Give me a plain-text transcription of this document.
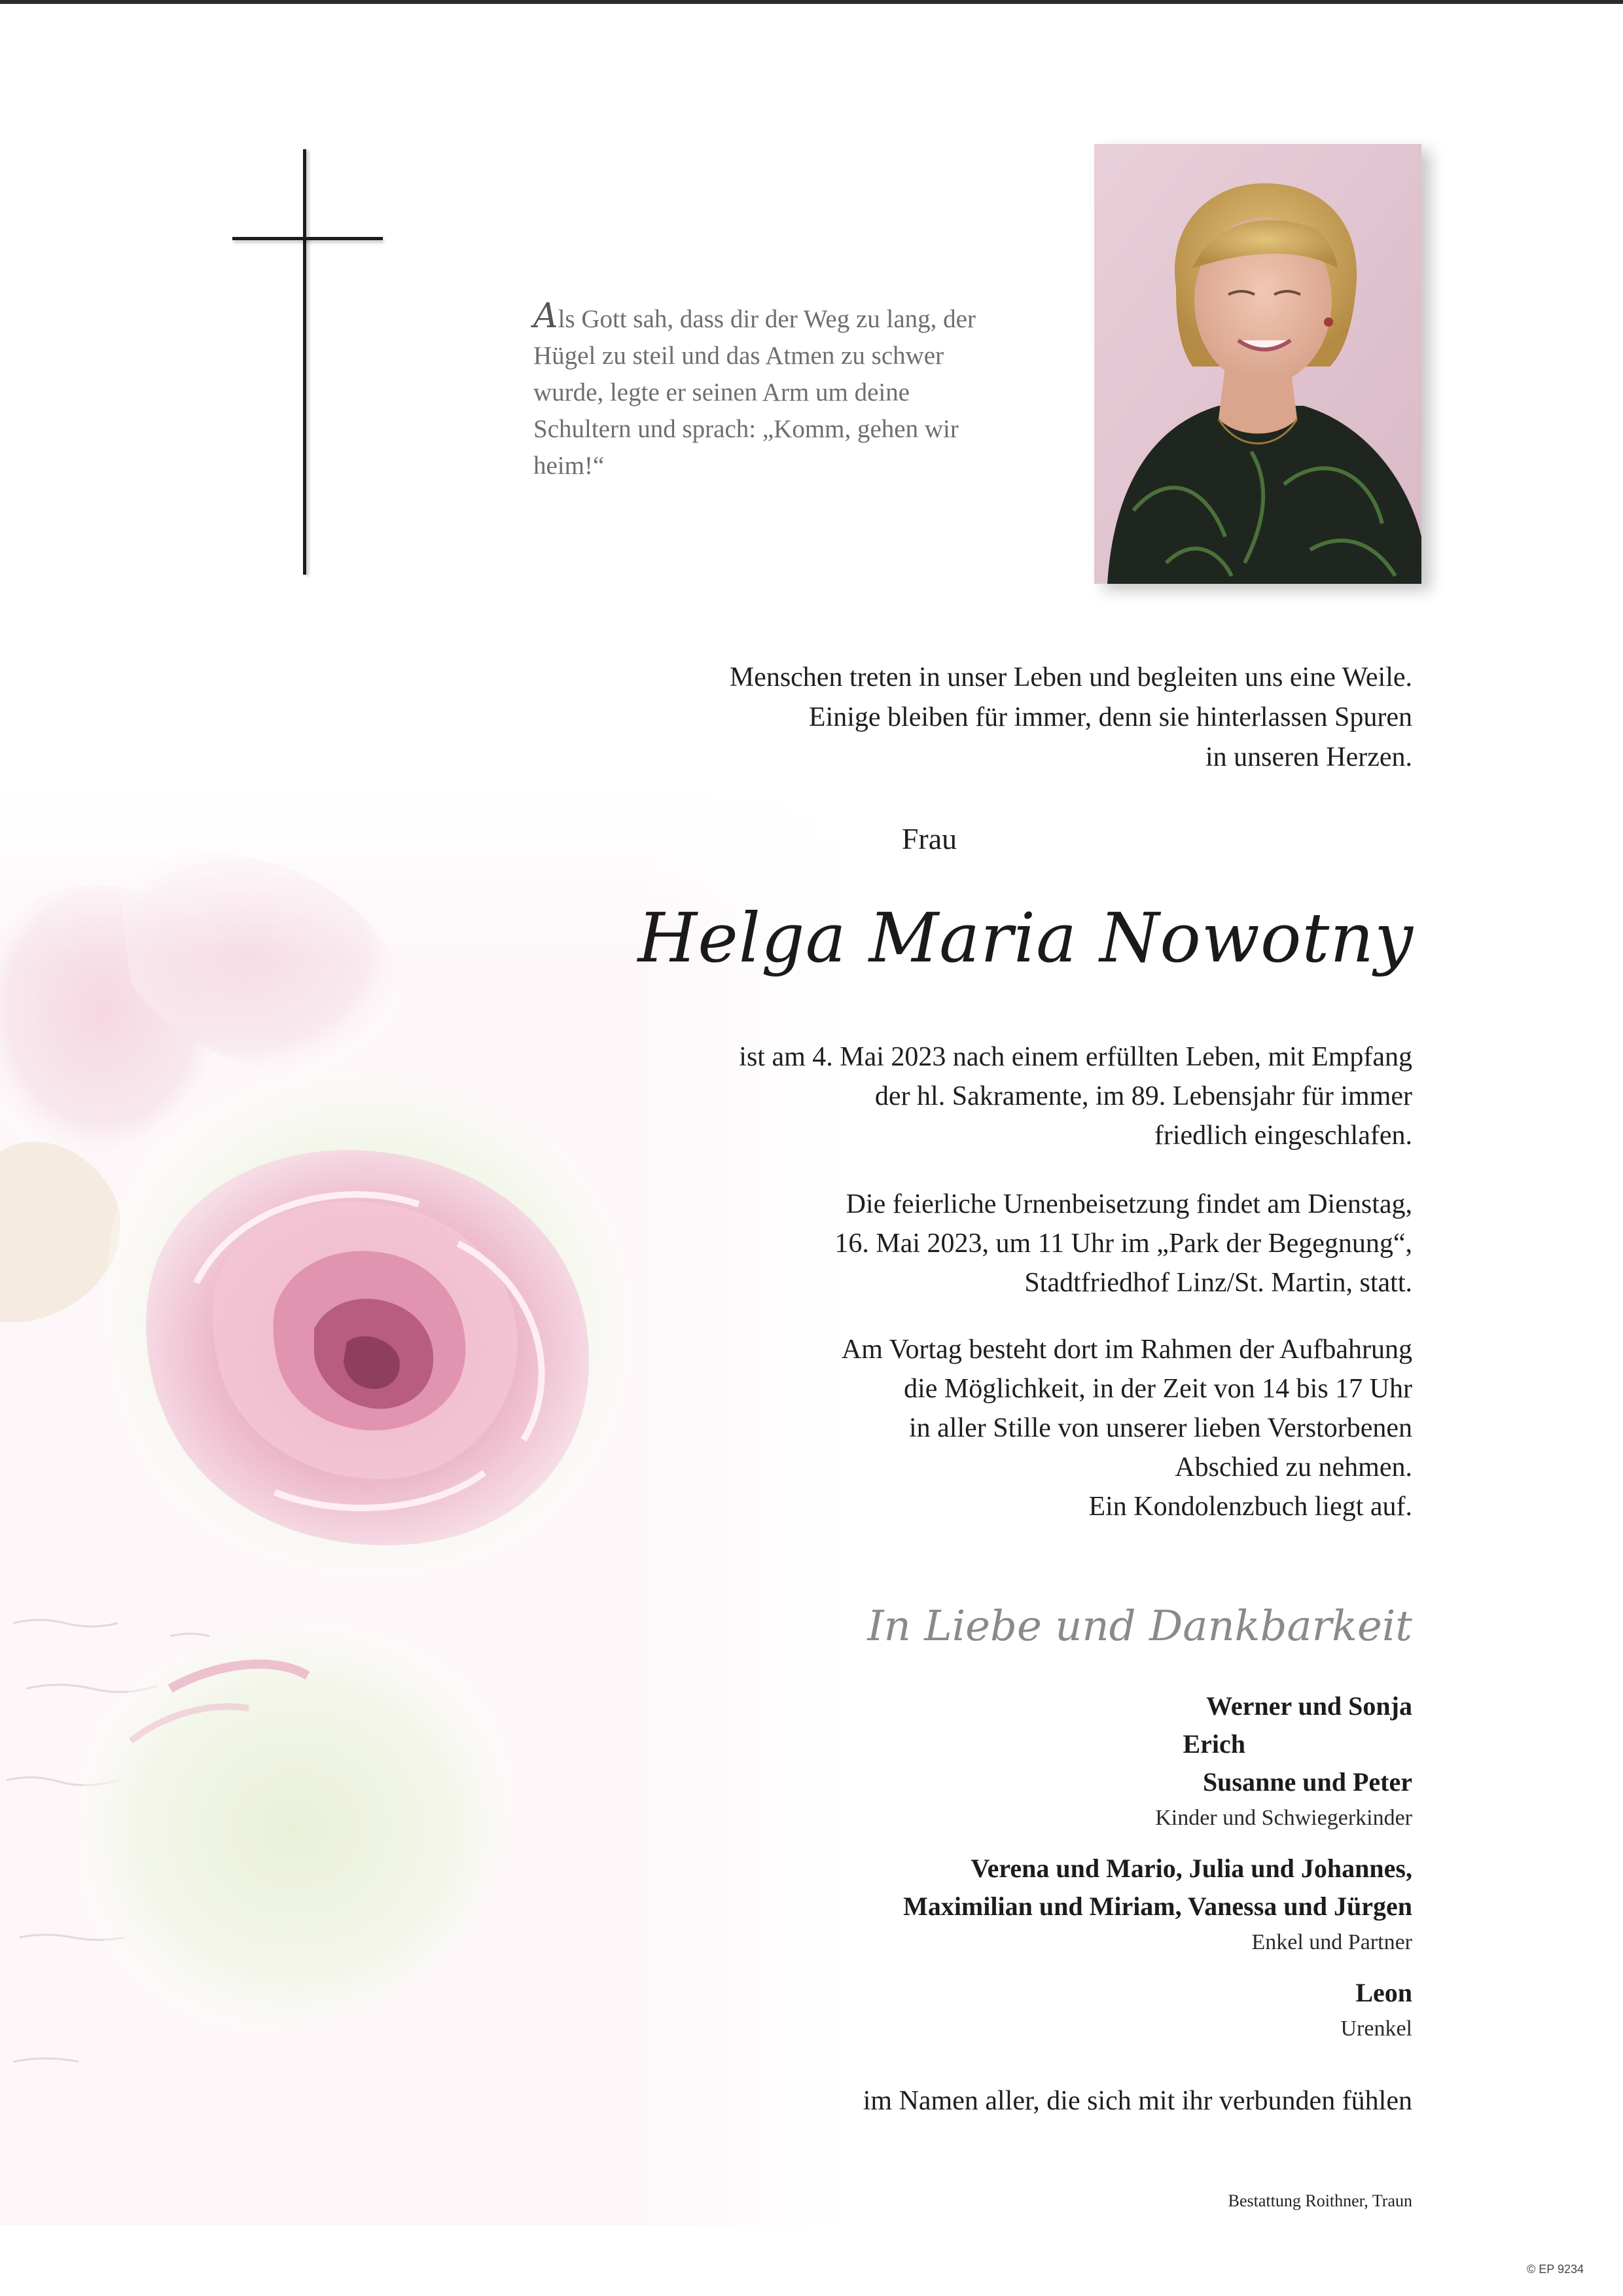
Als Gott sah, dass dir der Weg zu lang, der Hügel zu steil und das Atmen zu schwer wurde, legte er seinen Arm um deine Schultern und sprach: „Komm, gehen wir heim!“

Menschen treten in unser Leben und begleiten uns eine Weile.
Einige bleiben für immer, denn sie hinterlassen Spuren
in unseren Herzen.
Frau
Helga Maria Nowotny
ist am 4. Mai 2023 nach einem erfüllten Leben, mit Empfang
der hl. Sakramente, im 89. Lebensjahr für immer
friedlich eingeschlafen.
Die feierliche Urnenbeisetzung findet am Dienstag,
16. Mai 2023, um 11 Uhr im „Park der Begegnung“,
Stadtfriedhof Linz/St. Martin, statt.
Am Vortag besteht dort im Rahmen der Aufbahrung
die Möglichkeit, in der Zeit von 14 bis 17 Uhr
in aller Stille von unserer lieben Verstorbenen
Abschied zu nehmen.
Ein Kondolenzbuch liegt auf.
In Liebe und Dankbarkeit
Werner und Sonja
Erich
Susanne und Peter
Kinder und Schwiegerkinder
Verena und Mario, Julia und Johannes,
Maximilian und Miriam, Vanessa und Jürgen
Enkel und Partner
Leon
Urenkel
im Namen aller, die sich mit ihr verbunden fühlen
Bestattung Roithner, Traun
© EP 9234
